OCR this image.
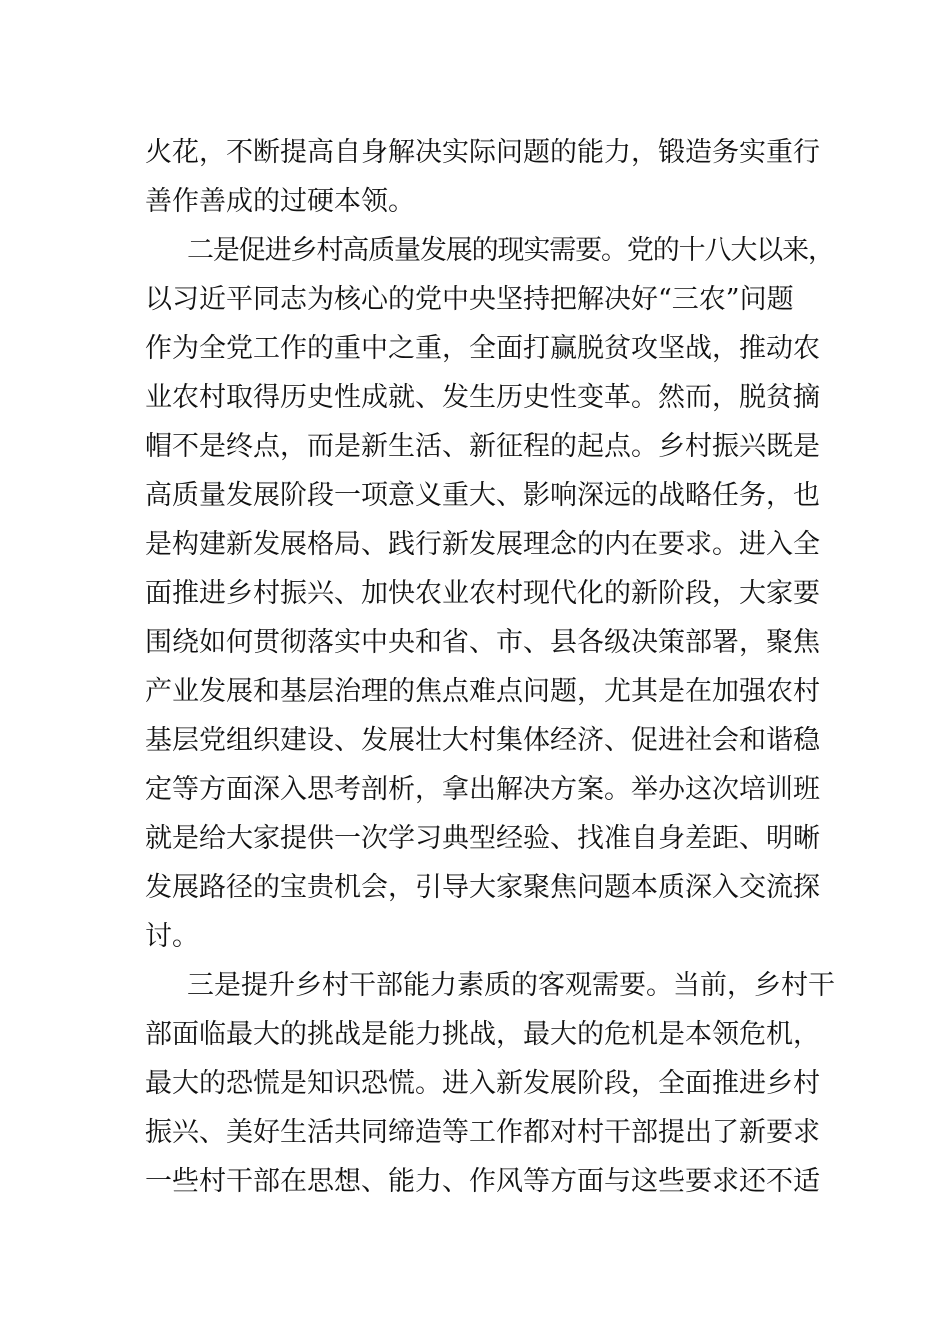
火花，不断提高自身解决实际问题的能力，锻造务实重行
善作善成的过硬本领。
二是促进乡村高质量发展的现实需要。党的十八大以来，
以习近平同志为核心的党中央坚持把解决好“三农”问题
作为全党工作的重中之重，全面打赢脱贫攻坚战，推动农
业农村取得历史性成就、发生历史性变革。然而，脱贫摘
帽不是终点，而是新生活、新征程的起点。乡村振兴既是
高质量发展阶段一项意义重大、影响深远的战略任务，也
是构建新发展格局、践行新发展理念的内在要求。进入全
面推进乡村振兴、加快农业农村现代化的新阶段，大家要
围绕如何贯彻落实中央和省、市、县各级决策部署，聚焦
产业发展和基层治理的焦点难点问题，尤其是在加强农村
基层党组织建设、发展壮大村集体经济、促进社会和谐稳
定等方面深入思考剖析，拿出解决方案。举办这次培训班
就是给大家提供一次学习典型经验、找准自身差距、明晰
发展路径的宝贵机会，引导大家聚焦问题本质深入交流探
讨。
三是提升乡村干部能力素质的客观需要。当前，乡村干
部面临最大的挑战是能力挑战，最大的危机是本领危机，
最大的恐慌是知识恐慌。进入新发展阶段，全面推进乡村
振兴、美好生活共同缔造等工作都对村干部提出了新要求
一些村干部在思想、能力、作风等方面与这些要求还不适
